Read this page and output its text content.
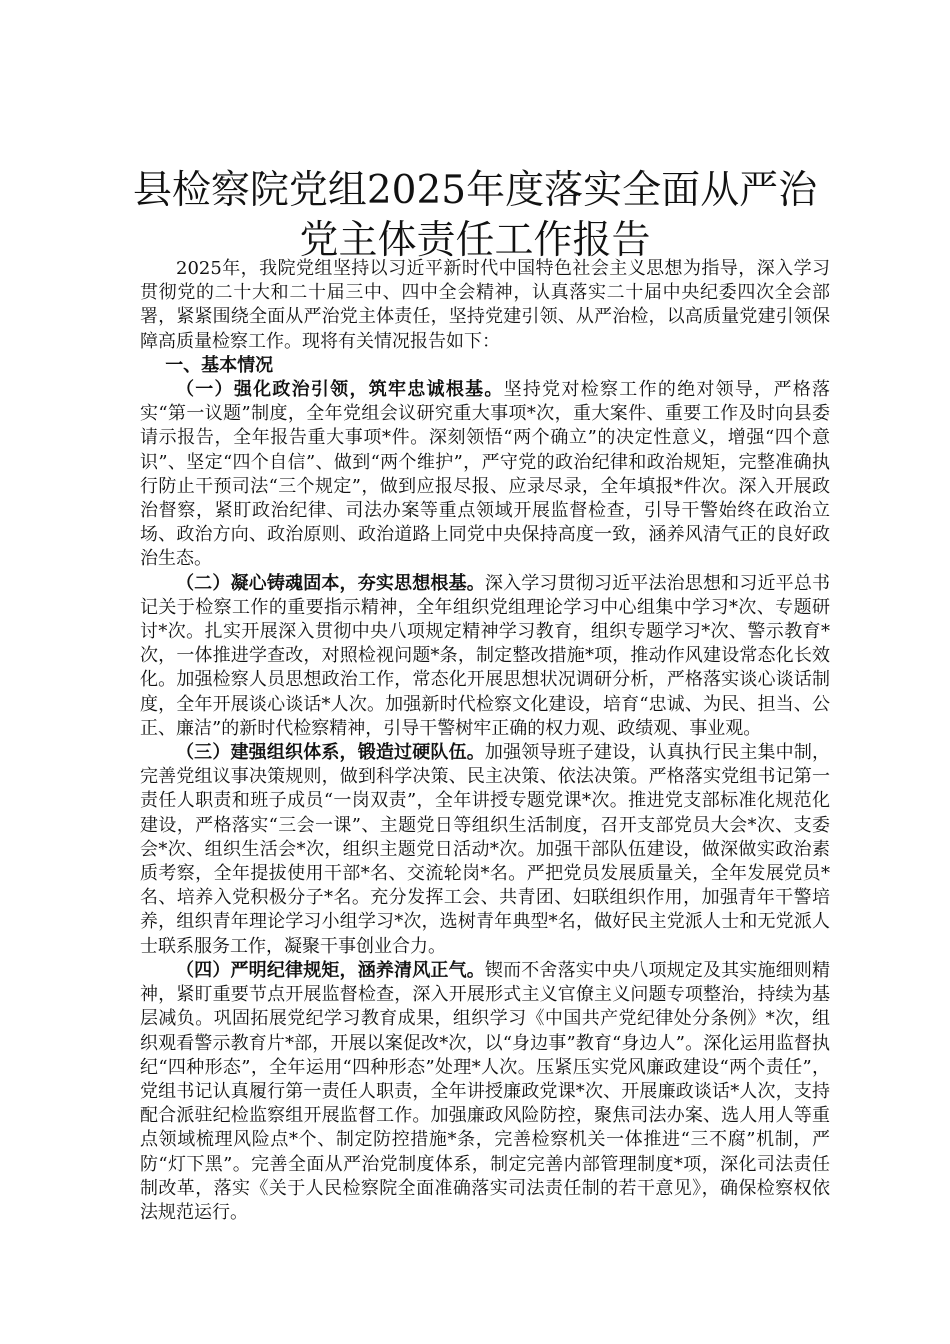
县检察院党组2025年度落实全面从严治党主体责任工作报告

2025年，我院党组坚持以习近平新时代中国特色社会主义思想为指导，深入学习贯彻党的二十大和二十届三中、四中全会精神，认真落实二十届中央纪委四次全会部署，紧紧围绕全面从严治党主体责任，坚持党建引领、从严治检，以高质量党建引领保障高质量检察工作。现将有关情况报告如下：

一、基本情况

（一）强化政治引领，筑牢忠诚根基。坚持党对检察工作的绝对领导，严格落实“第一议题”制度，全年党组会议研究重大事项*次，重大案件、重要工作及时向县委请示报告，全年报告重大事项*件。深刻领悟“两个确立”的决定性意义，增强“四个意识”、坚定“四个自信”、做到“两个维护”，严守党的政治纪律和政治规矩，完整准确执行防止干预司法“三个规定”，做到应报尽报、应录尽录，全年填报*件次。深入开展政治督察，紧盯政治纪律、司法办案等重点领域开展监督检查，引导干警始终在政治立场、政治方向、政治原则、政治道路上同党中央保持高度一致，涵养风清气正的良好政治生态。

（二）凝心铸魂固本，夯实思想根基。深入学习贯彻习近平法治思想和习近平总书记关于检察工作的重要指示精神，全年组织党组理论学习中心组集中学习*次、专题研讨*次。扎实开展深入贯彻中央八项规定精神学习教育，组织专题学习*次、警示教育*次，一体推进学查改，对照检视问题*条，制定整改措施*项，推动作风建设常态化长效化。加强检察人员思想政治工作，常态化开展思想状况调研分析，严格落实谈心谈话制度，全年开展谈心谈话*人次。加强新时代检察文化建设，培育“忠诚、为民、担当、公正、廉洁”的新时代检察精神，引导干警树牢正确的权力观、政绩观、事业观。

（三）建强组织体系，锻造过硬队伍。加强领导班子建设，认真执行民主集中制，完善党组议事决策规则，做到科学决策、民主决策、依法决策。严格落实党组书记第一责任人职责和班子成员“一岗双责”，全年讲授专题党课*次。推进党支部标准化规范化建设，严格落实“三会一课”、主题党日等组织生活制度，召开支部党员大会*次、支委会*次、组织生活会*次，组织主题党日活动*次。加强干部队伍建设，做深做实政治素质考察，全年提拔使用干部*名、交流轮岗*名。严把党员发展质量关，全年发展党员*名、培养入党积极分子*名。充分发挥工会、共青团、妇联组织作用，加强青年干警培养，组织青年理论学习小组学习*次，选树青年典型*名，做好民主党派人士和无党派人士联系服务工作，凝聚干事创业合力。

（四）严明纪律规矩，涵养清风正气。锲而不舍落实中央八项规定及其实施细则精神，紧盯重要节点开展监督检查，深入开展形式主义官僚主义问题专项整治，持续为基层减负。巩固拓展党纪学习教育成果，组织学习《中国共产党纪律处分条例》*次，组织观看警示教育片*部，开展以案促改*次，以“身边事”教育“身边人”。深化运用监督执纪“四种形态”，全年运用“四种形态”处理*人次。压紧压实党风廉政建设“两个责任”，党组书记认真履行第一责任人职责，全年讲授廉政党课*次、开展廉政谈话*人次，支持配合派驻纪检监察组开展监督工作。加强廉政风险防控，聚焦司法办案、选人用人等重点领域梳理风险点*个、制定防控措施*条，完善检察机关一体推进“三不腐”机制，严防“灯下黑”。完善全面从严治党制度体系，制定完善内部管理制度*项，深化司法责任制改革，落实《关于人民检察院全面准确落实司法责任制的若干意见》，确保检察权依法规范运行。
